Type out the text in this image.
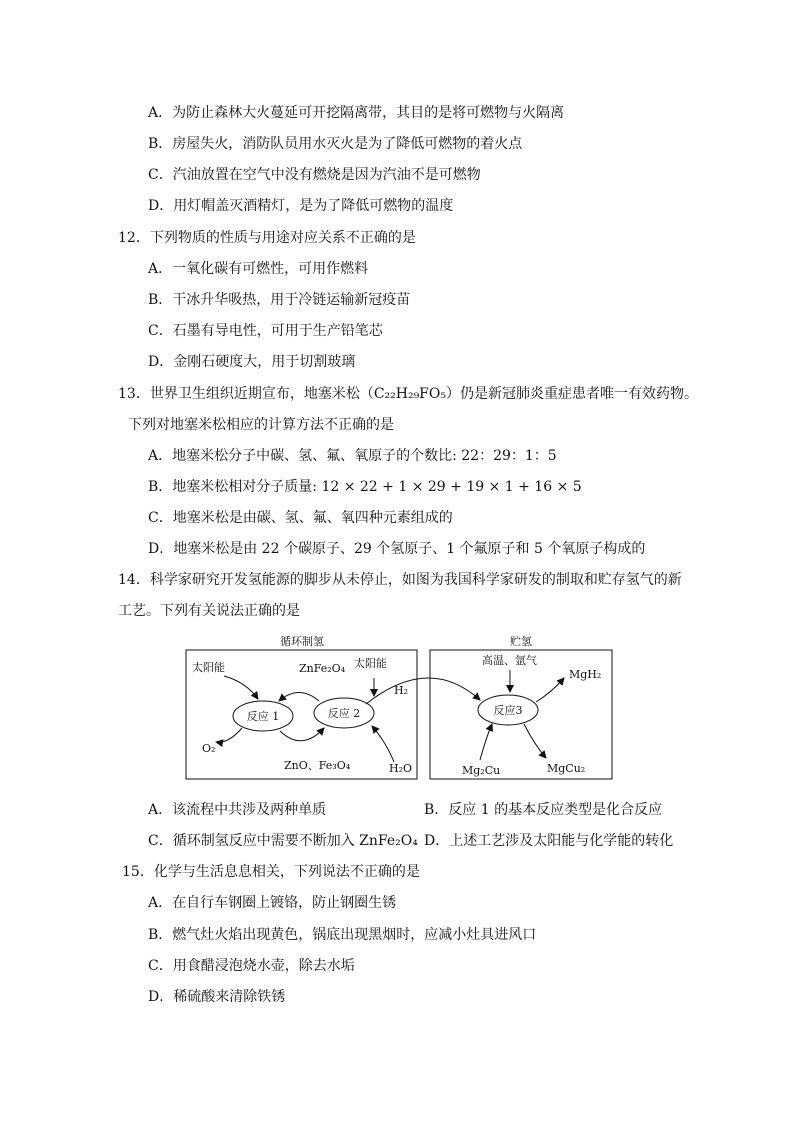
A．为防止森林大火蔓延可开挖隔离带，其目的是将可燃物与火隔离
B．房屋失火，消防队员用水灭火是为了降低可燃物的着火点
C．汽油放置在空气中没有燃烧是因为汽油不是可燃物
D．用灯帽盖灭酒精灯，是为了降低可燃物的温度
12．下列物质的性质与用途对应关系不正确的是
A．一氧化碳有可燃性，可用作燃料
B．干冰升华吸热，用于冷链运输新冠疫苗
C．石墨有导电性，可用于生产铅笔芯
D．金刚石硬度大，用于切割玻璃
13．世界卫生组织近期宣布，地塞米松（C₂₂H₂₉FO₅）仍是新冠肺炎重症患者唯一有效药物。
下列对地塞米松相应的计算方法不正确的是
A．地塞米松分子中碳、氢、氟、氧原子的个数比: 22：29：1：5
B．地塞米松相对分子质量: 12 × 22 + 1 × 29 + 19 × 1 + 16 × 5
C．地塞米松是由碳、氢、氟、氧四种元素组成的
D．地塞米松是由 22 个碳原子、29 个氢原子、1 个氟原子和 5 个氧原子构成的
14．科学家研究开发氢能源的脚步从未停止，如图为我国科学家研发的制取和贮存氢气的新
工艺。下列有关说法正确的是
循环制氢	贮氢
反应 1	反应 2	反应3
太阳能	ZnFe₂O₄ 太阳能
H₂
O₂
ZnO、Fe₃O₄	H₂O
高温、氩气
MgH₂
Mg₂Cu	MgCu₂
A．该流程中共涉及两种单质	B．反应 1 的基本反应类型是化合反应
C．循环制氢反应中需要不断加入 ZnFe₂O₄ D．上述工艺涉及太阳能与化学能的转化
15．化学与生活息息相关，下列说法不正确的是
A．在自行车钢圈上镀铬，防止钢圈生锈
B．燃气灶火焰出现黄色，锅底出现黑烟时，应减小灶具进风口
C．用食醋浸泡烧水壶，除去水垢
D．稀硫酸来清除铁锈
